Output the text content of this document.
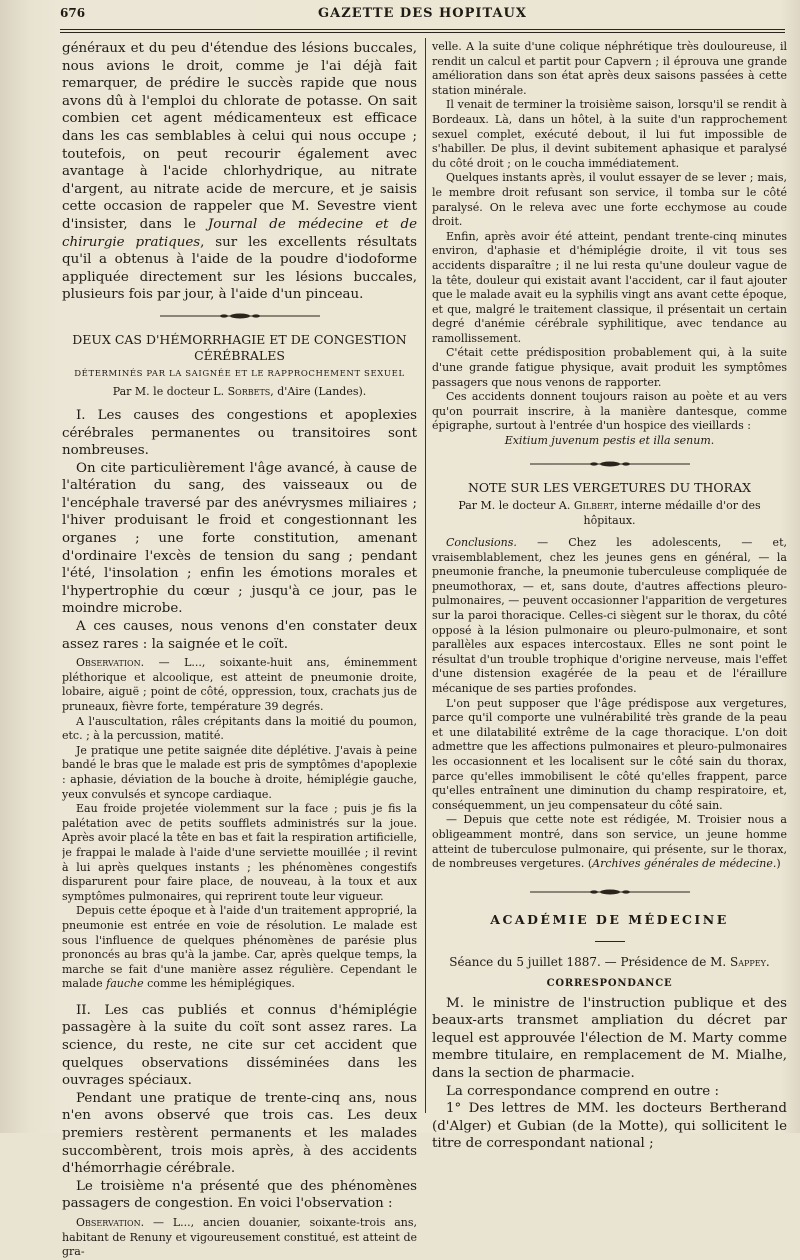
676	GAZETTE DES HOPITAUX

généraux et du peu d'étendue des lésions buccales, nous avions le droit, comme je l'ai déjà fait remarquer, de prédire le succès rapide que nous avons dû à l'emploi du chlorate de potasse. On sait combien cet agent médicamenteux est efficace dans les cas semblables à celui qui nous occupe ; toutefois, on peut recourir également avec avantage à l'acide chlorhydrique, au nitrate d'argent, au nitrate acide de mercure, et je saisis cette occasion de rappeler que M. Sevestre vient d'insister, dans le Journal de médecine et de chirurgie pratiques, sur les excellents résultats qu'il a obtenus à l'aide de la poudre d'iodoforme appliquée directement sur les lésions buccales, plusieurs fois par jour, à l'aide d'un pinceau.

DEUX CAS D'HÉMORRHAGIE ET DE CONGESTION CÉRÉBRALES

DÉTERMINÉS PAR LA SAIGNÉE ET LE RAPPROCHEMENT SEXUEL

Par M. le docteur L. Sorbets, d'Aire (Landes).

I. Les causes des congestions et apoplexies cérébrales permanentes ou transitoires sont nombreuses.

On cite particulièrement l'âge avancé, à cause de l'altération du sang, des vaisseaux ou de l'encéphale traversé par des anévrysmes miliaires ; l'hiver produisant le froid et congestionnant les organes ; une forte constitution, amenant d'ordinaire l'excès de tension du sang ; pendant l'été, l'insolation ; enfin les émotions morales et l'hypertrophie du cœur ; jusqu'à ce jour, pas le moindre microbe.

A ces causes, nous venons d'en constater deux assez rares : la saignée et le coït.

Observation. — L..., soixante-huit ans, éminemment pléthorique et alcoolique, est atteint de pneumonie droite, lobaire, aiguë ; point de côté, oppression, toux, crachats jus de pruneaux, fièvre forte, température 39 degrés.

A l'auscultation, râles crépitants dans la moitié du poumon, etc. ; à la percussion, matité.

Je pratique une petite saignée dite déplétive. J'avais à peine bandé le bras que le malade est pris de symptômes d'apoplexie : aphasie, déviation de la bouche à droite, hémiplégie gauche, yeux convulsés et syncope cardiaque.

Eau froide projetée violemment sur la face ; puis je fis la palétation avec de petits soufflets administrés sur la joue. Après avoir placé la tête en bas et fait la respiration artificielle, je frappai le malade à l'aide d'une serviette mouillée ; il revint à lui après quelques instants ; les phénomènes congestifs disparurent pour faire place, de nouveau, à la toux et aux symptômes pulmonaires, qui reprirent toute leur vigueur.

Depuis cette époque et à l'aide d'un traitement approprié, la pneumonie est entrée en voie de résolution. Le malade est sous l'influence de quelques phénomènes de parésie plus prononcés au bras qu'à la jambe. Car, après quelque temps, la marche se fait d'une manière assez régulière. Cependant le malade fauche comme les hémiplégiques.

II. Les cas publiés et connus d'hémiplégie passagère à la suite du coït sont assez rares. La science, du reste, ne cite sur cet accident que quelques observations disséminées dans les ouvrages spéciaux.

Pendant une pratique de trente-cinq ans, nous n'en avons observé que trois cas. Les deux premiers restèrent permanents et les malades succombèrent, trois mois après, à des accidents d'hémorrhagie cérébrale.

Le troisième n'a présenté que des phénomènes passagers de congestion. En voici l'observation :

Observation. — L..., ancien douanier, soixante-trois ans, habitant de Renuny et vigoureusement constitué, est atteint de gra-

velle. A la suite d'une colique néphrétique très douloureuse, il rendit un calcul et partit pour Capvern ; il éprouva une grande amélioration dans son état après deux saisons passées à cette station minérale.

Il venait de terminer la troisième saison, lorsqu'il se rendit à Bordeaux. Là, dans un hôtel, à la suite d'un rapprochement sexuel complet, exécuté debout, il lui fut impossible de s'habiller. De plus, il devint subitement aphasique et paralysé du côté droit ; on le coucha immédiatement.

Quelques instants après, il voulut essayer de se lever ; mais, le membre droit refusant son service, il tomba sur le côté paralysé. On le releva avec une forte ecchymose au coude droit.

Enfin, après avoir été atteint, pendant trente-cinq minutes environ, d'aphasie et d'hémiplégie droite, il vit tous ses accidents disparaître ; il ne lui resta qu'une douleur vague de la tête, douleur qui existait avant l'accident, car il faut ajouter que le malade avait eu la syphilis vingt ans avant cette époque, et que, malgré le traitement classique, il présentait un certain degré d'anémie cérébrale syphilitique, avec tendance au ramollissement.

C'était cette prédisposition probablement qui, à la suite d'une grande fatigue physique, avait produit les symptômes passagers que nous venons de rapporter.

Ces accidents donnent toujours raison au poète et au vers qu'on pourrait inscrire, à la manière dantesque, comme épigraphe, surtout à l'entrée d'un hospice des vieillards :

Exitium juvenum pestis et illa senum.

NOTE SUR LES VERGETURES DU THORAX

Par M. le docteur A. Gilbert, interne médaille d'or des hôpitaux.

Conclusions. — Chez les adolescents, — et, vraisemblablement, chez les jeunes gens en général, — la pneumonie franche, la pneumonie tuberculeuse compliquée de pneumothorax, — et, sans doute, d'autres affections pleuro-pulmonaires, — peuvent occasionner l'apparition de vergetures sur la paroi thoracique. Celles-ci siègent sur le thorax, du côté opposé à la lésion pulmonaire ou pleuro-pulmonaire, et sont parallèles aux espaces intercostaux. Elles ne sont point le résultat d'un trouble trophique d'origine nerveuse, mais l'effet d'une distension exagérée de la peau et de l'éraillure mécanique de ses parties profondes.

L'on peut supposer que l'âge prédispose aux vergetures, parce qu'il comporte une vulnérabilité très grande de la peau et une dilatabilité extrême de la cage thoracique. L'on doit admettre que les affections pulmonaires et pleuro-pulmonaires les occasionnent et les localisent sur le côté sain du thorax, parce qu'elles immobilisent le côté qu'elles frappent, parce qu'elles entraînent une diminution du champ respiratoire, et, conséquemment, un jeu compensateur du côté sain.

— Depuis que cette note est rédigée, M. Troisier nous a obligeamment montré, dans son service, un jeune homme atteint de tuberculose pulmonaire, qui présente, sur le thorax, de nombreuses vergetures. (Archives générales de médecine.)

ACADÉMIE DE MÉDECINE

Séance du 5 juillet 1887. — Présidence de M. Sappey.

CORRESPONDANCE

M. le ministre de l'instruction publique et des beaux-arts transmet ampliation du décret par lequel est approuvée l'élection de M. Marty comme membre titulaire, en remplacement de M. Mialhe, dans la section de pharmacie.

La correspondance comprend en outre :

1° Des lettres de MM. les docteurs Bertherand (d'Alger) et Gubian (de la Motte), qui sollicitent le titre de correspondant national ;
